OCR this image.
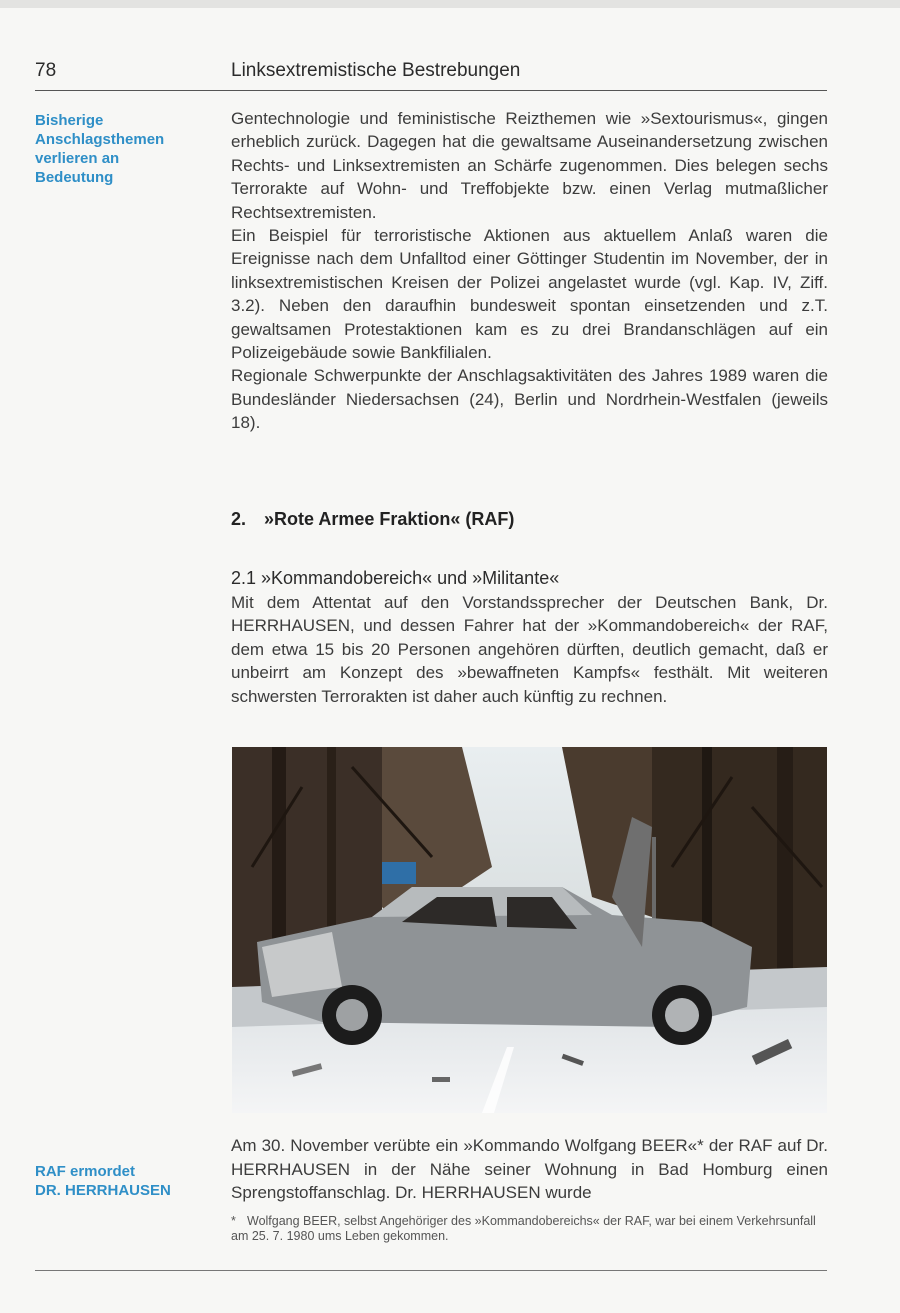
78	Linksextremistische Bestrebungen
Bisherige
Anschlagsthemen
verlieren an
Bedeutung

Gentechnologie und feministische Reizthemen wie »Sextourismus«, gingen erheblich zurück. Dagegen hat die gewaltsame Auseinandersetzung zwischen Rechts- und Linksextremisten an Schärfe zugenommen. Dies belegen sechs Terrorakte auf Wohn- und Treffobjekte bzw. einen Verlag mutmaßlicher Rechtsextremisten.

Ein Beispiel für terroristische Aktionen aus aktuellem Anlaß waren die Ereignisse nach dem Unfalltod einer Göttinger Studentin im November, der in linksextremistischen Kreisen der Polizei angelastet wurde (vgl. Kap. IV, Ziff. 3.2). Neben den daraufhin bundesweit spontan einsetzenden und z.T. gewaltsamen Protestaktionen kam es zu drei Brandanschlägen auf ein Polizeigebäude sowie Bankfilialen.

Regionale Schwerpunkte der Anschlagsaktivitäten des Jahres 1989 waren die Bundesländer Niedersachsen (24), Berlin und Nordrhein-Westfalen (jeweils 18).

2. »Rote Armee Fraktion« (RAF)
2.1 »Kommandobereich« und »Militante«

Mit dem Attentat auf den Vorstandssprecher der Deutschen Bank, Dr. HERRHAUSEN, und dessen Fahrer hat der »Kommandobereich« der RAF, dem etwa 15 bis 20 Personen angehören dürften, deutlich gemacht, daß er unbeirrt am Konzept des »bewaffneten Kampfs« festhält. Mit weiteren schwersten Terrorakten ist daher auch künftig zu rechnen.

RAF ermordet
DR. HERRHAUSEN

Am 30. November verübte ein »Kommando Wolfgang BEER«* der RAF auf Dr. HERRHAUSEN in der Nähe seiner Wohnung in Bad Homburg einen Sprengstoffanschlag. Dr. HERRHAUSEN wurde

* Wolfgang BEER, selbst Angehöriger des »Kommandobereichs« der RAF, war bei einem Verkehrsunfall am 25. 7. 1980 ums Leben gekommen.
